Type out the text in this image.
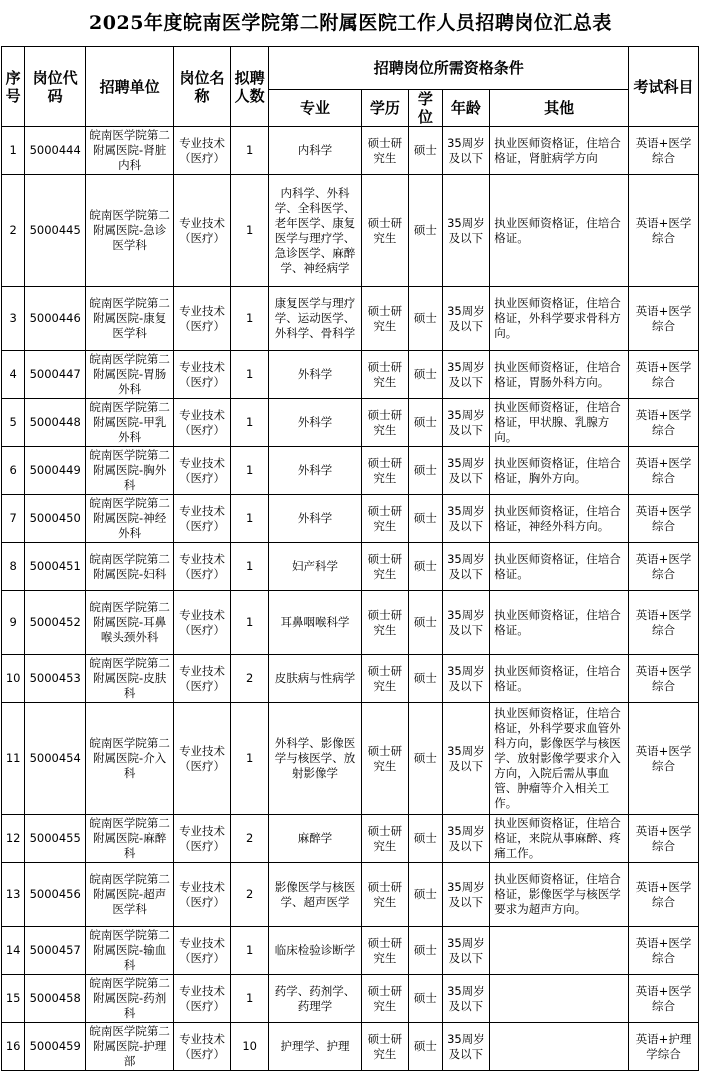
2025年度皖南医学院第二附属医院工作人员招聘岗位汇总表
序号	岗位代码	招聘单位	岗位名称	拟聘人数	招聘岗位所需资格条件					考试科目
					专业	学历	学位	年龄	其他	
1	5000444	皖南医学院第二附属医院-肾脏内科	专业技术（医疗）	1	内科学	硕士研究生	硕士	35周岁及以下	执业医师资格证，住培合格证，肾脏病学方向	英语+医学综合
2	5000445	皖南医学院第二附属医院-急诊医学科	专业技术（医疗）	1	内科学、外科学、全科医学、老年医学、康复医学与理疗学、急诊医学、麻醉学、神经病学	硕士研究生	硕士	35周岁及以下	执业医师资格证，住培合格证。	英语+医学综合
3	5000446	皖南医学院第二附属医院-康复医学科	专业技术（医疗）	1	康复医学与理疗学、运动医学、外科学、骨科学	硕士研究生	硕士	35周岁及以下	执业医师资格证，住培合格证，外科学要求骨科方向。	英语+医学综合
4	5000447	皖南医学院第二附属医院-胃肠外科	专业技术（医疗）	1	外科学	硕士研究生	硕士	35周岁及以下	执业医师资格证，住培合格证，胃肠外科方向。	英语+医学综合
5	5000448	皖南医学院第二附属医院-甲乳外科	专业技术（医疗）	1	外科学	硕士研究生	硕士	35周岁及以下	执业医师资格证，住培合格证，甲状腺、乳腺方向。	英语+医学综合
6	5000449	皖南医学院第二附属医院-胸外科	专业技术（医疗）	1	外科学	硕士研究生	硕士	35周岁及以下	执业医师资格证，住培合格证，胸外方向。	英语+医学综合
7	5000450	皖南医学院第二附属医院-神经外科	专业技术（医疗）	1	外科学	硕士研究生	硕士	35周岁及以下	执业医师资格证，住培合格证，神经外科方向。	英语+医学综合
8	5000451	皖南医学院第二附属医院-妇科	专业技术（医疗）	1	妇产科学	硕士研究生	硕士	35周岁及以下	执业医师资格证，住培合格证。	英语+医学综合
9	5000452	皖南医学院第二附属医院-耳鼻喉头颈外科	专业技术（医疗）	1	耳鼻咽喉科学	硕士研究生	硕士	35周岁及以下	执业医师资格证，住培合格证。	英语+医学综合
10	5000453	皖南医学院第二附属医院-皮肤科	专业技术（医疗）	2	皮肤病与性病学	硕士研究生	硕士	35周岁及以下	执业医师资格证，住培合格证。	英语+医学综合
11	5000454	皖南医学院第二附属医院-介入科	专业技术（医疗）	1	外科学、影像医学与核医学、放射影像学	硕士研究生	硕士	35周岁及以下	执业医师资格证，住培合格证，外科学要求血管外科方向，影像医学与核医学、放射影像学要求介入方向，入院后需从事血管、肿瘤等介入相关工作。	英语+医学综合
12	5000455	皖南医学院第二附属医院-麻醉科	专业技术（医疗）	2	麻醉学	硕士研究生	硕士	35周岁及以下	执业医师资格证，住培合格证，来院从事麻醉、疼痛工作。	英语+医学综合
13	5000456	皖南医学院第二附属医院-超声医学科	专业技术（医疗）	2	影像医学与核医学、超声医学	硕士研究生	硕士	35周岁及以下	执业医师资格证，住培合格证，影像医学与核医学要求为超声方向。	英语+医学综合
14	5000457	皖南医学院第二附属医院-输血科	专业技术（医疗）	1	临床检验诊断学	硕士研究生	硕士	35周岁及以下		英语+医学综合
15	5000458	皖南医学院第二附属医院-药剂科	专业技术（医疗）	1	药学、药剂学、药理学	硕士研究生	硕士	35周岁及以下		英语+医学综合
16	5000459	皖南医学院第二附属医院-护理部	专业技术（医疗）	10	护理学、护理	硕士研究生	硕士	35周岁及以下		英语+护理学综合
